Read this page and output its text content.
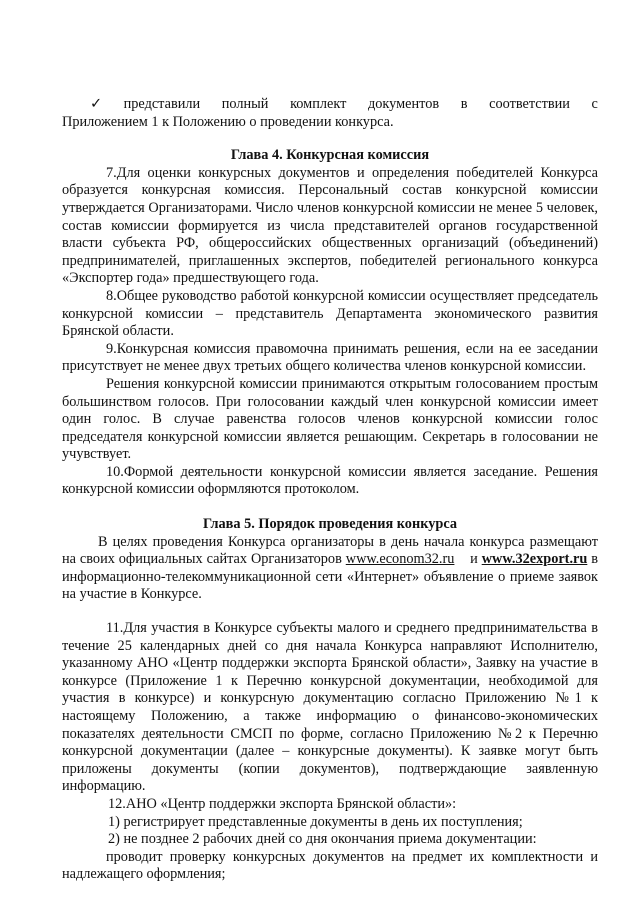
✓ представили полный комплект документов в соответствии с

Приложением 1 к Положению о проведении конкурса.

Глава 4. Конкурсная комиссия

7.Для оценки конкурсных документов и определения победителей Конкурса образуется конкурсная комиссия. Персональный состав конкурсной комиссии утверждается Организаторами. Число членов конкурсной комиссии не менее 5 человек, состав комиссии формируется из числа представителей органов государственной власти субъекта РФ, общероссийских общественных организаций (объединений) предпринимателей, приглашенных экспертов, победителей регионального конкурса «Экспортер года» предшествующего года.

8.Общее руководство работой конкурсной комиссии осуществляет председатель конкурсной комиссии – представитель Департамента экономического развития Брянской области.

9.Конкурсная комиссия правомочна принимать решения, если на ее заседании присутствует не менее двух третьих общего количества членов конкурсной комиссии.

Решения конкурсной комиссии принимаются открытым голосованием простым большинством голосов. При голосовании каждый член конкурсной комиссии имеет один голос. В случае равенства голосов членов конкурсной комиссии голос председателя конкурсной комиссии является решающим. Секретарь в голосовании не учувствует.

10.Формой деятельности конкурсной комиссии является заседание. Решения конкурсной комиссии оформляются протоколом.

Глава 5. Порядок проведения конкурса

В целях проведения Конкурса организаторы в день начала конкурса размещают на своих официальных сайтах Организаторов www.econom32.ru    и www.32export.ru в информационно-телекоммуникационной сети «Интернет» объявление о приеме заявок на участие в Конкурсе.

11.Для участия в Конкурсе субъекты малого и среднего предпринимательства в течение 25 календарных дней со дня начала Конкурса направляют Исполнителю, указанному АНО «Центр поддержки экспорта Брянской области», Заявку на участие в конкурсе (Приложение 1 к Перечню конкурсной документации, необходимой для участия в конкурсе) и конкурсную документацию согласно Приложению №1 к настоящему Положению, а также информацию о финансово-экономических показателях деятельности СМСП по форме, согласно Приложению №2 к Перечню конкурсной документации (далее – конкурсные документы). К заявке могут быть приложены документы (копии документов), подтверждающие заявленную информацию.

12.АНО «Центр поддержки экспорта Брянской области»:

1) регистрирует представленные документы в день их поступления;

2) не позднее 2 рабочих дней со дня окончания приема документации:

проводит проверку конкурсных документов на предмет их комплектности и надлежащего оформления;
